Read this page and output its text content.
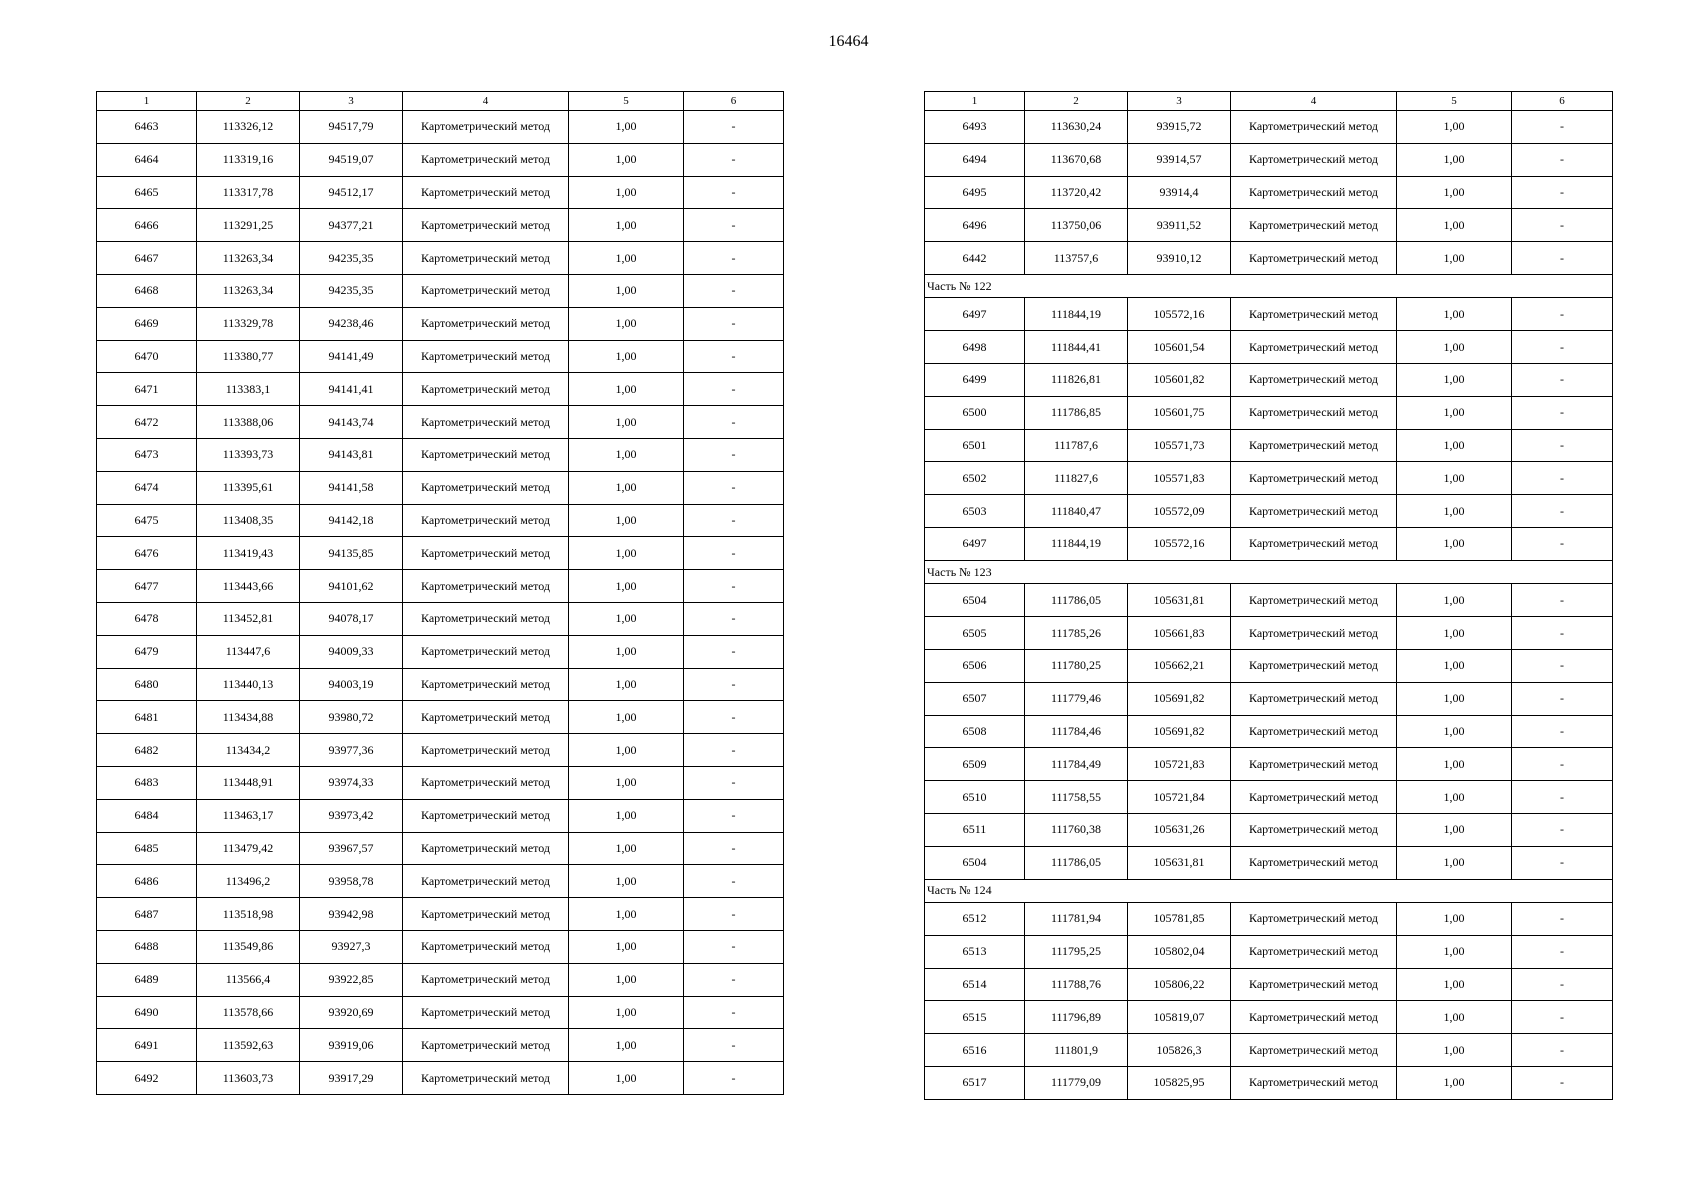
16464
1	2	3	4	5	6
6463	113326,12	94517,79	Картометрический метод	1,00	-
6464	113319,16	94519,07	Картометрический метод	1,00	-
6465	113317,78	94512,17	Картометрический метод	1,00	-
6466	113291,25	94377,21	Картометрический метод	1,00	-
6467	113263,34	94235,35	Картометрический метод	1,00	-
6468	113263,34	94235,35	Картометрический метод	1,00	-
6469	113329,78	94238,46	Картометрический метод	1,00	-
6470	113380,77	94141,49	Картометрический метод	1,00	-
6471	113383,1	94141,41	Картометрический метод	1,00	-
6472	113388,06	94143,74	Картометрический метод	1,00	-
6473	113393,73	94143,81	Картометрический метод	1,00	-
6474	113395,61	94141,58	Картометрический метод	1,00	-
6475	113408,35	94142,18	Картометрический метод	1,00	-
6476	113419,43	94135,85	Картометрический метод	1,00	-
6477	113443,66	94101,62	Картометрический метод	1,00	-
6478	113452,81	94078,17	Картометрический метод	1,00	-
6479	113447,6	94009,33	Картометрический метод	1,00	-
6480	113440,13	94003,19	Картометрический метод	1,00	-
6481	113434,88	93980,72	Картометрический метод	1,00	-
6482	113434,2	93977,36	Картометрический метод	1,00	-
6483	113448,91	93974,33	Картометрический метод	1,00	-
6484	113463,17	93973,42	Картометрический метод	1,00	-
6485	113479,42	93967,57	Картометрический метод	1,00	-
6486	113496,2	93958,78	Картометрический метод	1,00	-
6487	113518,98	93942,98	Картометрический метод	1,00	-
6488	113549,86	93927,3	Картометрический метод	1,00	-
6489	113566,4	93922,85	Картометрический метод	1,00	-
6490	113578,66	93920,69	Картометрический метод	1,00	-
6491	113592,63	93919,06	Картометрический метод	1,00	-
6492	113603,73	93917,29	Картометрический метод	1,00	-
1	2	3	4	5	6
6493	113630,24	93915,72	Картометрический метод	1,00	-
6494	113670,68	93914,57	Картометрический метод	1,00	-
6495	113720,42	93914,4	Картометрический метод	1,00	-
6496	113750,06	93911,52	Картометрический метод	1,00	-
6442	113757,6	93910,12	Картометрический метод	1,00	-
Часть № 122					
6497	111844,19	105572,16	Картометрический метод	1,00	-
6498	111844,41	105601,54	Картометрический метод	1,00	-
6499	111826,81	105601,82	Картометрический метод	1,00	-
6500	111786,85	105601,75	Картометрический метод	1,00	-
6501	111787,6	105571,73	Картометрический метод	1,00	-
6502	111827,6	105571,83	Картометрический метод	1,00	-
6503	111840,47	105572,09	Картометрический метод	1,00	-
6497	111844,19	105572,16	Картометрический метод	1,00	-
Часть № 123					
6504	111786,05	105631,81	Картометрический метод	1,00	-
6505	111785,26	105661,83	Картометрический метод	1,00	-
6506	111780,25	105662,21	Картометрический метод	1,00	-
6507	111779,46	105691,82	Картометрический метод	1,00	-
6508	111784,46	105691,82	Картометрический метод	1,00	-
6509	111784,49	105721,83	Картометрический метод	1,00	-
6510	111758,55	105721,84	Картометрический метод	1,00	-
6511	111760,38	105631,26	Картометрический метод	1,00	-
6504	111786,05	105631,81	Картометрический метод	1,00	-
Часть № 124					
6512	111781,94	105781,85	Картометрический метод	1,00	-
6513	111795,25	105802,04	Картометрический метод	1,00	-
6514	111788,76	105806,22	Картометрический метод	1,00	-
6515	111796,89	105819,07	Картометрический метод	1,00	-
6516	111801,9	105826,3	Картометрический метод	1,00	-
6517	111779,09	105825,95	Картометрический метод	1,00	-
